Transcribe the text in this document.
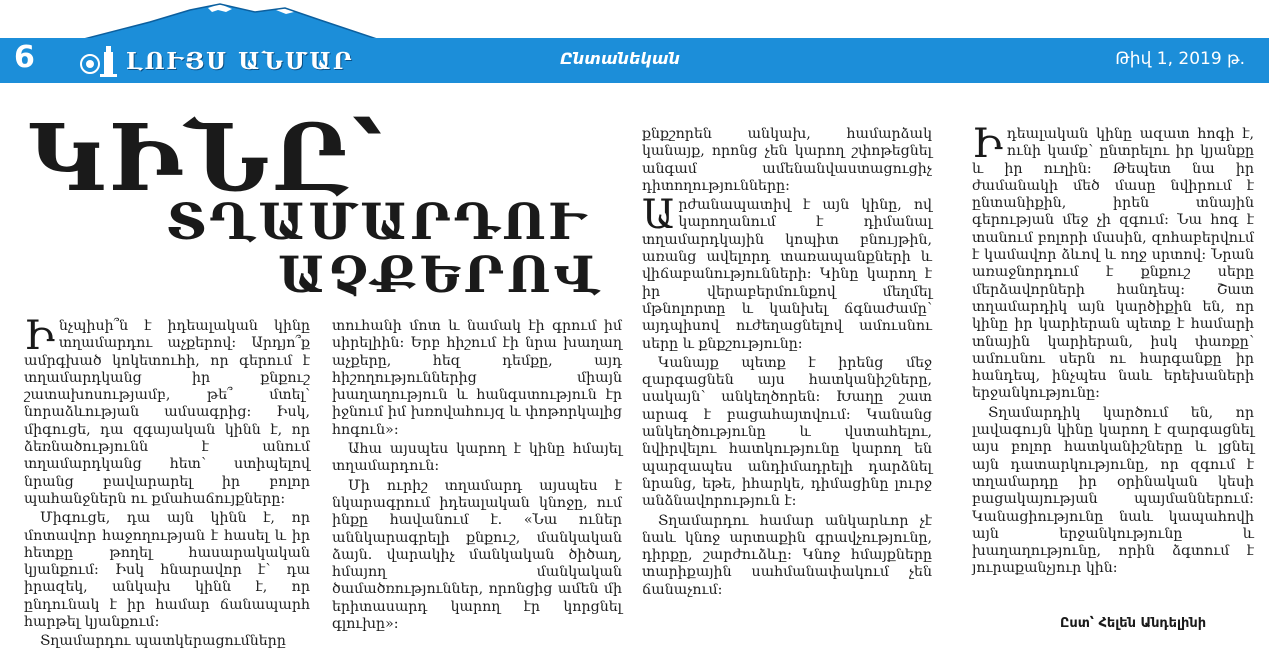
6	ԼՈՒՅՍ ԱՆՄԱՐ	Ընտանեկան	Թիվ 1, 2019 թ.
ԿԻՆԸ՝
ՏՂԱՄԱՐԴՈՒ
ԱՉՔԵՐՈՎ

Ինչպիսի՞ն է իդեալական կինը տղամարդու աչքերով։ Արդյո՞ք ամրգխած կոկետուհի, որ գերում է տղամարդկանց իր քնքուշ շատախոսությամբ, թե՞ մտել՝ նորաձևության ամսագրից։ Իսկ, միգուցե, դա զգայական կինն է, որ ձեռնածությունն է անում տղամարդկանց հետ՝ ստիպելով նրանց բավարարել իր բոլոր պահանջներն ու քմահաճույքները։

Միգուցե, դա այն կինն է, որ մոտավոր հաջողության է հասել և իր հետքը թողել հասարակական կյանքում։ Իսկ հնարավոր է՝ դա իրազեկ, անկախ կինն է, որ ընդունակ է իր համար ճանապարհ հարթել կյանքում։

Տղամարդու պատկերացումները

տուհանի մոտ և նամակ էի գրում իմ սիրելիին։ Երբ հիշում էի նրա խաղաղ աչքերը, հեզ դեմքը, այդ հիշողություններից միայն խաղաղություն և հանգստություն էր իջնում իմ խռովահույզ և փոթորկալից հոգուն»։

Ահա այսպես կարող է կինը հմայել տղամարդուն։

Մի ուրիշ տղամարդ այսպես է նկարագրում իդեալական կնոջը, ում ինքը հավանում է. «Նա ուներ աննկարագրելի քնքուշ, մանկական ձայն. վարակիչ մանկական ծիծաղ, հմայող մանկական ծամածռություններ, որոնցից ամեն մի երիտասարդ կարող էր կորցնել գլուխը»։

քնքշորեն անկախ, համարձակ կանայք, որոնց չեն կարող շփոթեցնել անգամ ամենանվաստացուցիչ դիտողությունները։

Արժանապատիվ է այն կինը, ով կարողանում է դիմանալ տղամարդկային կոպիտ բնույթին, առանց ավելորդ տառապանքների և վիճաբանությունների։ Կինը կարող է իր վերաբերմունքով մեղմել մթնոլորտը և կանխել ճգնաժամը՝ այդպիսով ուժեղացնելով ամուսնու սերը և քնքշությունը։

Կանայք պետք է իրենց մեջ զարգացնեն այս հատկանիշները, սակայն՝ անկեղծորեն։ Խաղը շատ արագ է բացահայտվում։ Կանանց անկեղծությունը և վստահելու, նվիրվելու հատկությունը կարող են պարզապես անդիմադրելի դարձնել նրանց, եթե, իհարկե, դիմացինը լուրջ անձնավորություն է։

Տղամարդու համար անկարևոր չէ նաև կնոջ արտաքին գրավչությունը, դիրքը, շարժուձևը։ Կնոջ հմայքները տարիքային սահմանափակում չեն ճանաչում։

Իդեալական կինը ազատ հոգի է, ունի կամք՝ ընտրելու իր կյանքը և իր ուղին։ Թեպետ նա իր ժամանակի մեծ մասը նվիրում է ընտանիքին, իրեն տնային գերության մեջ չի զգում։ Նա հոգ է տանում բոլորի մասին, զոհաբերվում է կամավոր ձևով և ողջ սրտով։ Նրան առաջնորդում է քնքուշ սերը մերձավորների հանդեպ։ Շատ տղամարդիկ այն կարծիքին են, որ կինը իր կարիերան պետք է համարի տնային կարիերան, իսկ փառքը՝ ամուսնու սերն ու հարգանքը իր հանդեպ, ինչպես նաև երեխաների երջանկությունը։

Տղամարդիկ կարծում են, որ լավագույն կինը կարող է զարգացնել այս բոլոր հատկանիշները և լցնել այն դատարկությունը, որ զգում է տղամարդը իր օրինական կեսի բացակայության պայմաններում։ Կանացիությունը նաև կապահովի այն երջանկությունը և խաղաղությունը, որին ձգտում է յուրաքանչյուր կին։

Ըստ՝ Հելեն Անդելինի
